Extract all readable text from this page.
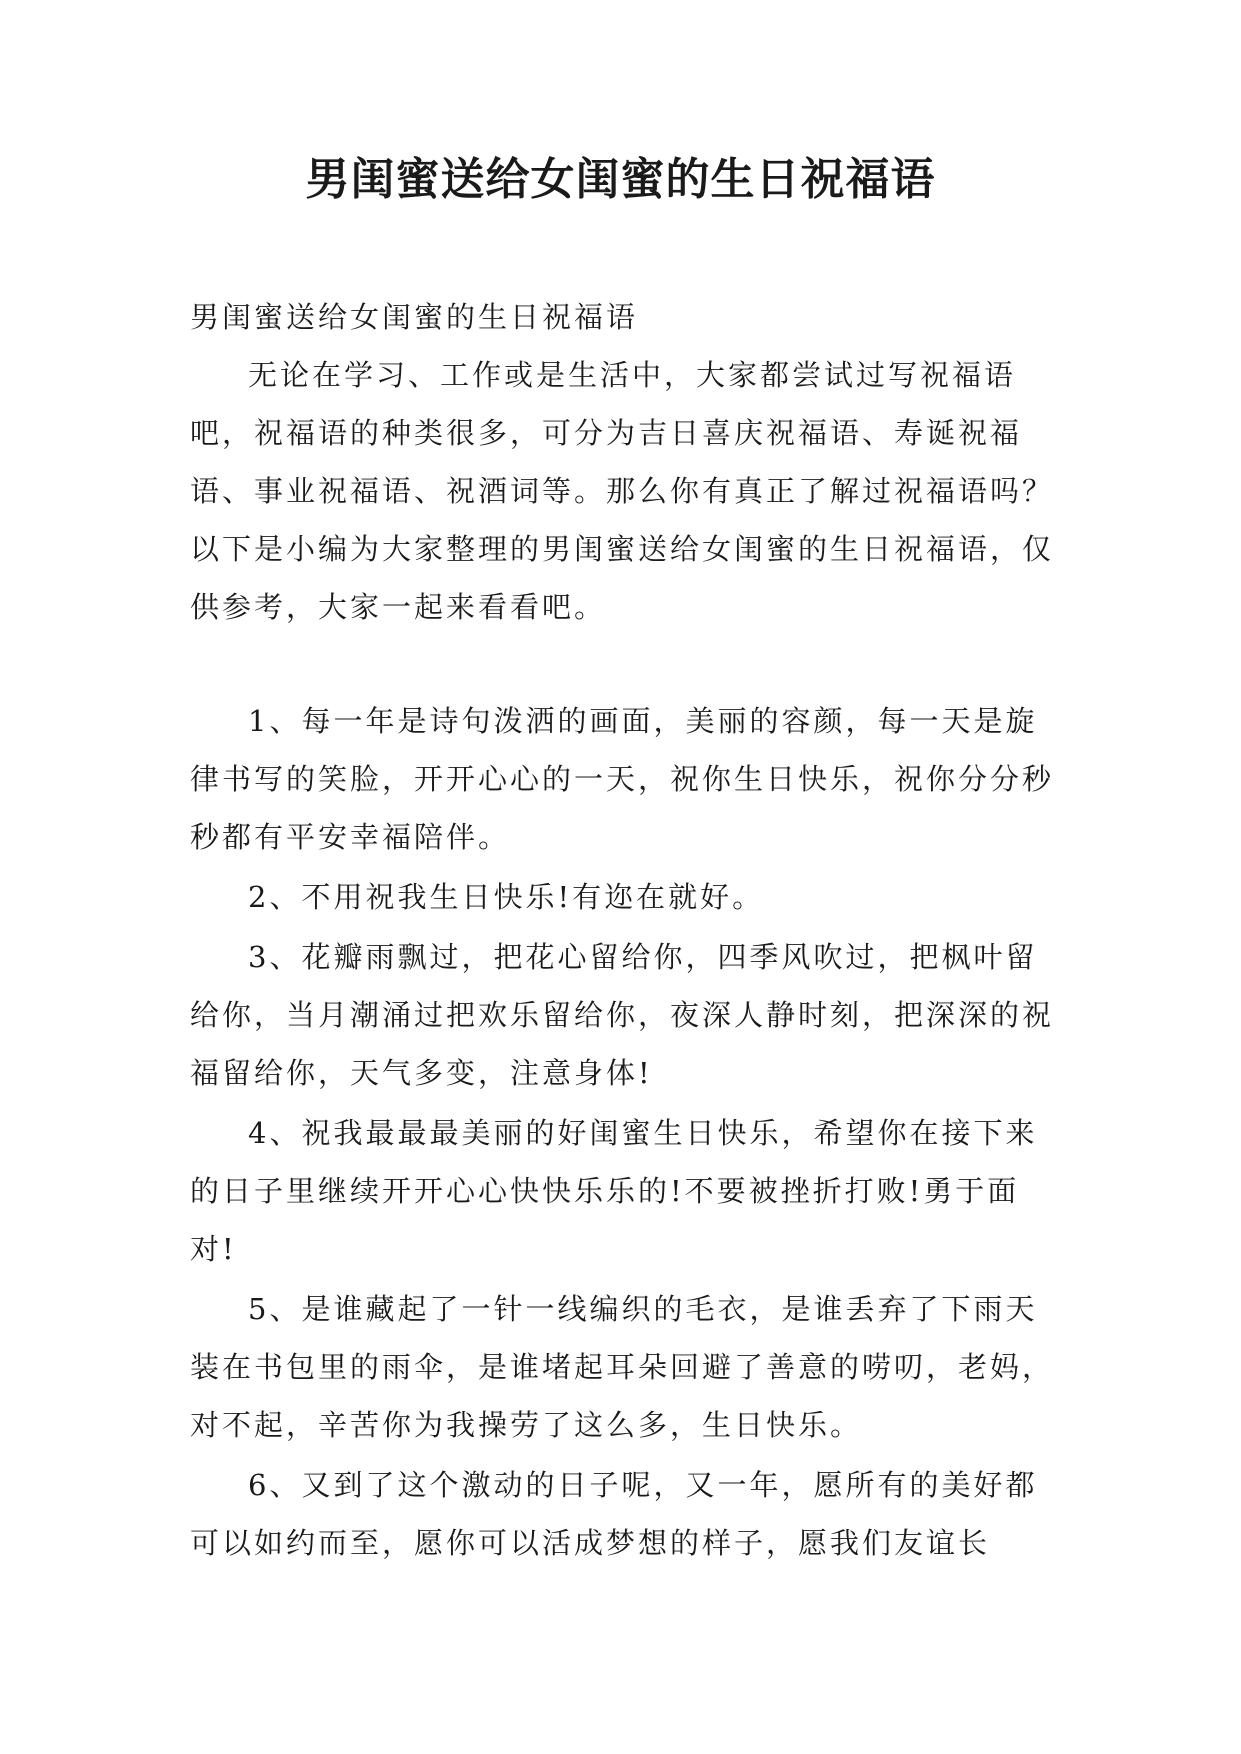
男闺蜜送给女闺蜜的生日祝福语

男闺蜜送给女闺蜜的生日祝福语

无论在学习、工作或是生活中，大家都尝试过写祝福语吧，祝福语的种类很多，可分为吉日喜庆祝福语、寿诞祝福语、事业祝福语、祝酒词等。那么你有真正了解过祝福语吗？以下是小编为大家整理的男闺蜜送给女闺蜜的生日祝福语，仅供参考，大家一起来看看吧。

1、每一年是诗句泼洒的画面，美丽的容颜，每一天是旋律书写的笑脸，开开心心的一天，祝你生日快乐，祝你分分秒秒都有平安幸福陪伴。

2、不用祝我生日快乐!有迩在就好。

3、花瓣雨飘过，把花心留给你，四季风吹过，把枫叶留给你，当月潮涌过把欢乐留给你，夜深人静时刻，把深深的祝福留给你，天气多变，注意身体!

4、祝我最最最美丽的好闺蜜生日快乐，希望你在接下来的日子里继续开开心心快快乐乐的!不要被挫折打败!勇于面对!

5、是谁藏起了一针一线编织的毛衣，是谁丢弃了下雨天装在书包里的雨伞，是谁堵起耳朵回避了善意的唠叨，老妈，对不起，辛苦你为我操劳了这么多，生日快乐。

6、又到了这个激动的日子呢，又一年，愿所有的美好都可以如约而至，愿你可以活成梦想的样子，愿我们友谊长
